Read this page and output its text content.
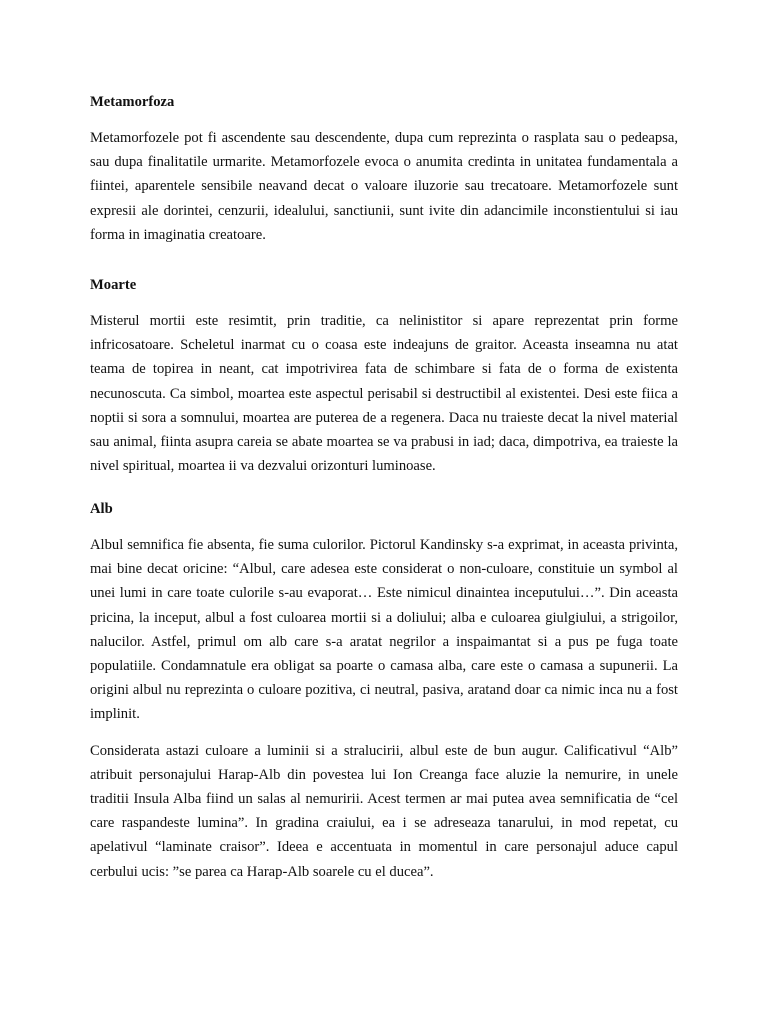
Metamorfoza

Metamorfozele pot fi ascendente sau descendente, dupa cum reprezinta o rasplata sau o pedeapsa, sau dupa finalitatile urmarite. Metamorfozele evoca o anumita credinta in unitatea fundamentala a fiintei, aparentele sensibile neavand decat o valoare iluzorie sau trecatoare. Metamorfozele sunt expresii ale dorintei, cenzurii, idealului, sanctiunii, sunt ivite din adancimile inconstientului si iau forma in imaginatia creatoare.

Moarte

Misterul mortii este resimtit, prin traditie, ca nelinistitor si apare reprezentat prin forme infricosatoare. Scheletul inarmat cu o coasa este indeajuns de graitor. Aceasta inseamna nu atat teama de topirea in neant, cat impotrivirea fata de schimbare si fata de o forma de existenta necunoscuta. Ca simbol, moartea este aspectul perisabil si destructibil al existentei. Desi este fiica a noptii si sora a somnului, moartea are puterea de a regenera. Daca nu traieste decat la nivel material sau animal, fiinta asupra careia se abate moartea se va prabusi in iad; daca, dimpotriva, ea traieste la nivel spiritual, moartea ii va dezvalui orizonturi luminoase.

Alb

Albul semnifica fie absenta, fie suma culorilor. Pictorul Kandinsky s-a exprimat, in aceasta privinta, mai bine decat oricine: “Albul, care adesea este considerat o non-culoare, constituie un symbol al unei lumi in care toate culorile s-au evaporat… Este nimicul dinaintea inceputului…”. Din aceasta pricina, la inceput, albul a fost culoarea mortii si a doliului; alba e culoarea giulgiului, a strigoilor, nalucilor. Astfel, primul om alb care s-a aratat negrilor a inspaimantat si a pus pe fuga toate populatiile. Condamnatule era obligat sa poarte o camasa alba, care este o camasa a supunerii. La origini albul nu reprezinta o culoare pozitiva, ci neutral, pasiva, aratand doar ca nimic inca nu a fost implinit.

Considerata astazi culoare a luminii si a stralucirii, albul este de bun augur. Calificativul “Alb” atribuit personajului Harap-Alb din povestea lui Ion Creanga face aluzie la nemurire, in unele traditii Insula Alba fiind un salas al nemuririi. Acest termen ar mai putea avea semnificatia de “cel care raspandeste lumina”. In gradina craiului, ea i se adreseaza tanarului, in mod repetat, cu apelativul “laminate craisor”. Ideea e accentuata in momentul in care personajul aduce capul cerbului ucis: ”se parea ca Harap-Alb soarele cu el ducea”.
